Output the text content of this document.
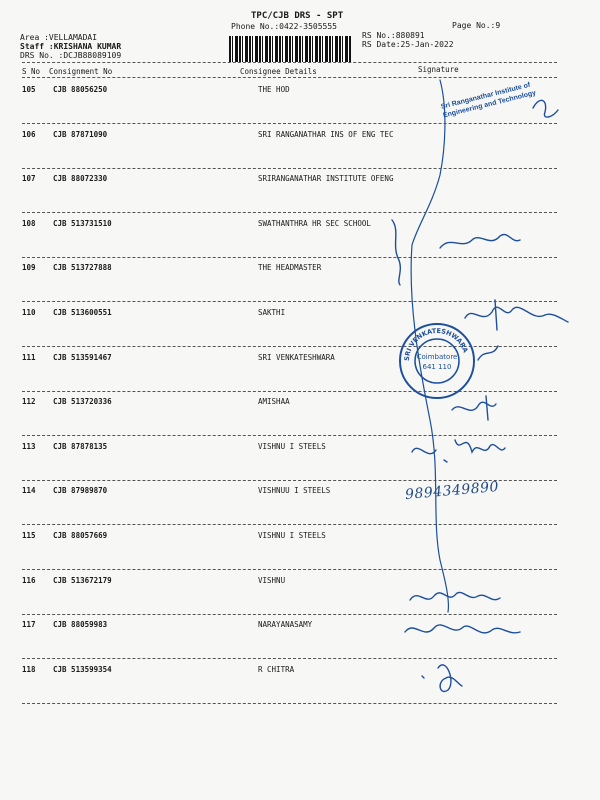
TPC/CJB DRS - SPT
Phone No.:0422-3505555	Page No.:9
Area :VELLAMADAI
Staff :KRISHANA KUMAR
DRS No. :DCJB88089109
RS No.:880891
RS Date:25-Jan-2022
S No Consignment No	Consignee Details	Signature
105 CJB 88056250	THE HOD
106 CJB 87871090	SRI RANGANATHAR INS OF ENG TEC
107 CJB 88072330	SRIRANGANATHAR INSTITUTE OFENG
108 CJB 513731510	SWATHANTHRA HR SEC SCHOOL
109 CJB 513727888	THE HEADMASTER
110 CJB 513600551	SAKTHI
111 CJB 513591467	SRI VENKATESHWARA
112 CJB 513720336	AMISHAA
113 CJB 87878135	VISHNU I STEELS
114 CJB 87989870	VISHNUU I STEELS
115 CJB 88057669	VISHNU I STEELS
116 CJB 513672179	VISHNU
117 CJB 88059983	NARAYANASAMY
118 CJB 513599354	R CHITRA
Sri Ranganathar Institute of Engineering and Technology
SRI VENKATESHWARA
Coimbatore
641 110
9894349890
